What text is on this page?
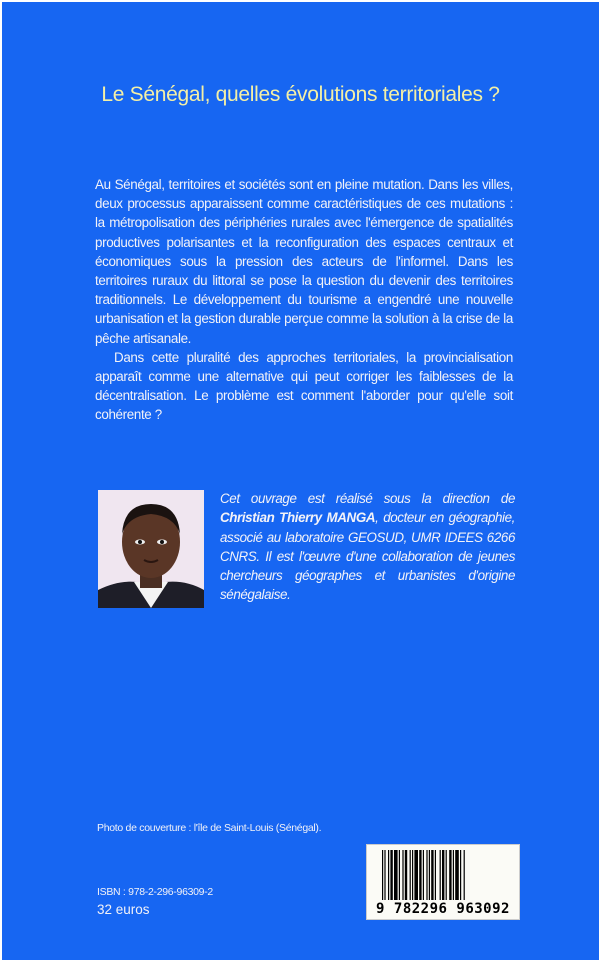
Le Sénégal, quelles évolutions territoriales ?

Au Sénégal, territoires et sociétés sont en pleine mutation. Dans les villes, deux processus apparaissent comme caractéristiques de ces mutations : la métropolisation des périphéries rurales avec l'émergence de spatialités productives polarisantes et la reconfiguration des espaces centraux et économiques sous la pression des acteurs de l'informel. Dans les territoires ruraux du littoral se pose la question du devenir des territoires traditionnels. Le développement du tourisme a engendré une nouvelle urbanisation et la gestion durable perçue comme la solution à la crise de la pêche artisanale.

Dans cette pluralité des approches territoriales, la provincialisation apparaît comme une alternative qui peut corriger les faiblesses de la décentralisation. Le problème est comment l'aborder pour qu'elle soit cohérente ?

Cet ouvrage est réalisé sous la direction de Christian Thierry MANGA, docteur en géographie, associé au laboratoire GEOSUD, UMR IDEES 6266 CNRS. Il est l'œuvre d'une collaboration de jeunes chercheurs géographes et urbanistes d'origine sénégalaise.
Photo de couverture : l'île de Saint-Louis (Sénégal).
ISBN : 978-2-296-96309-2
32 euros	9 782296 963092
